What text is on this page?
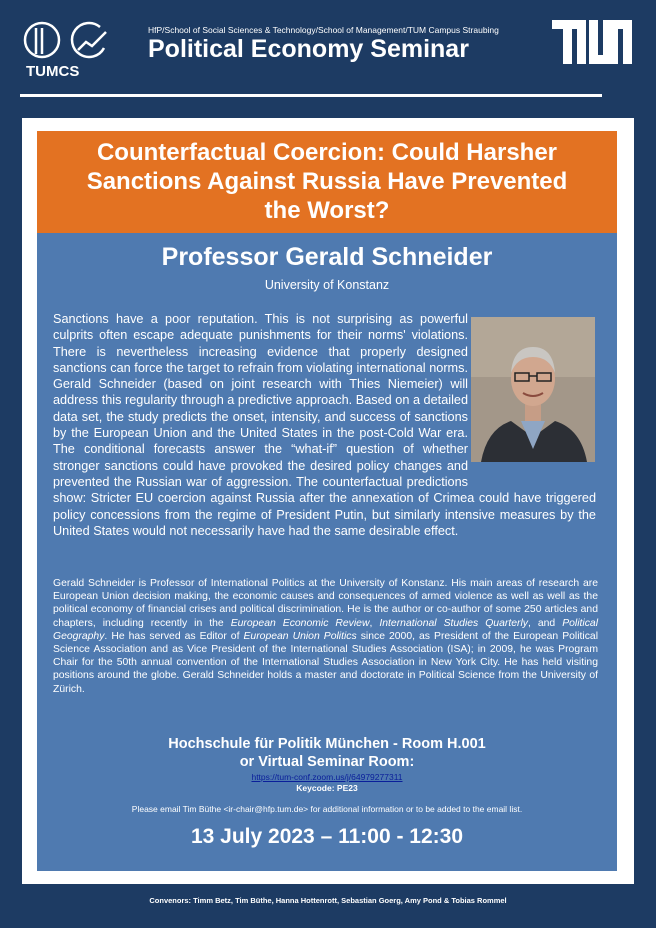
TUMCS
HfP/School of Social Sciences & Technology/School of Management/TUM Campus Straubing
Political Economy Seminar
Counterfactual Coercion: Could Harsher
Sanctions Against Russia Have Prevented
the Worst?
Professor Gerald Schneider
University of Konstanz

Sanctions have a poor reputation. This is not surprising as powerful culprits often escape adequate punishments for their norms' violations. There is nevertheless increasing evidence that properly designed sanctions can force the target to refrain from violating international norms. Gerald Schneider (based on joint research with Thies Niemeier) will address this regularity through a predictive approach. Based on a detailed data set, the study predicts the onset, intensity, and success of sanctions by the European Union and the United States in the post-Cold War era. The conditional forecasts answer the “what-if” question of whether stronger sanctions could have provoked the desired policy changes and prevented the Russian war of aggression. The counterfactual predictions show: Stricter EU coercion against Russia after the annexation of Crimea could have triggered policy concessions from the regime of President Putin, but similarly intensive measures by the United States would not necessarily have had the same desirable effect.

Gerald Schneider is Professor of International Politics at the University of Konstanz. His main areas of research are European Union decision making, the economic causes and consequences of armed violence as well as well as the political economy of financial crises and political discrimination. He is the author or co-author of some 250 articles and chapters, including recently in the European Economic Review, International Studies Quarterly, and Political Geography. He has served as Editor of European Union Politics since 2000, as President of the European Political Science Association and as Vice President of the International Studies Association (ISA); in 2009, he was Program Chair for the 50th annual convention of the International Studies Association in New York City. He has held visiting positions around the globe. Gerald Schneider holds a master and doctorate in Political Science from the University of Zürich.

Hochschule für Politik München - Room H.001
or Virtual Seminar Room:
https://tum-conf.zoom.us/j/64979277311
Keycode: PE23
Please email Tim Büthe <ir-chair@hfp.tum.de> for additional information or to be added to the email list.
13 July 2023 – 11:00 - 12:30
Convenors: Timm Betz, Tim Büthe, Hanna Hottenrott, Sebastian Goerg, Amy Pond & Tobias Rommel
